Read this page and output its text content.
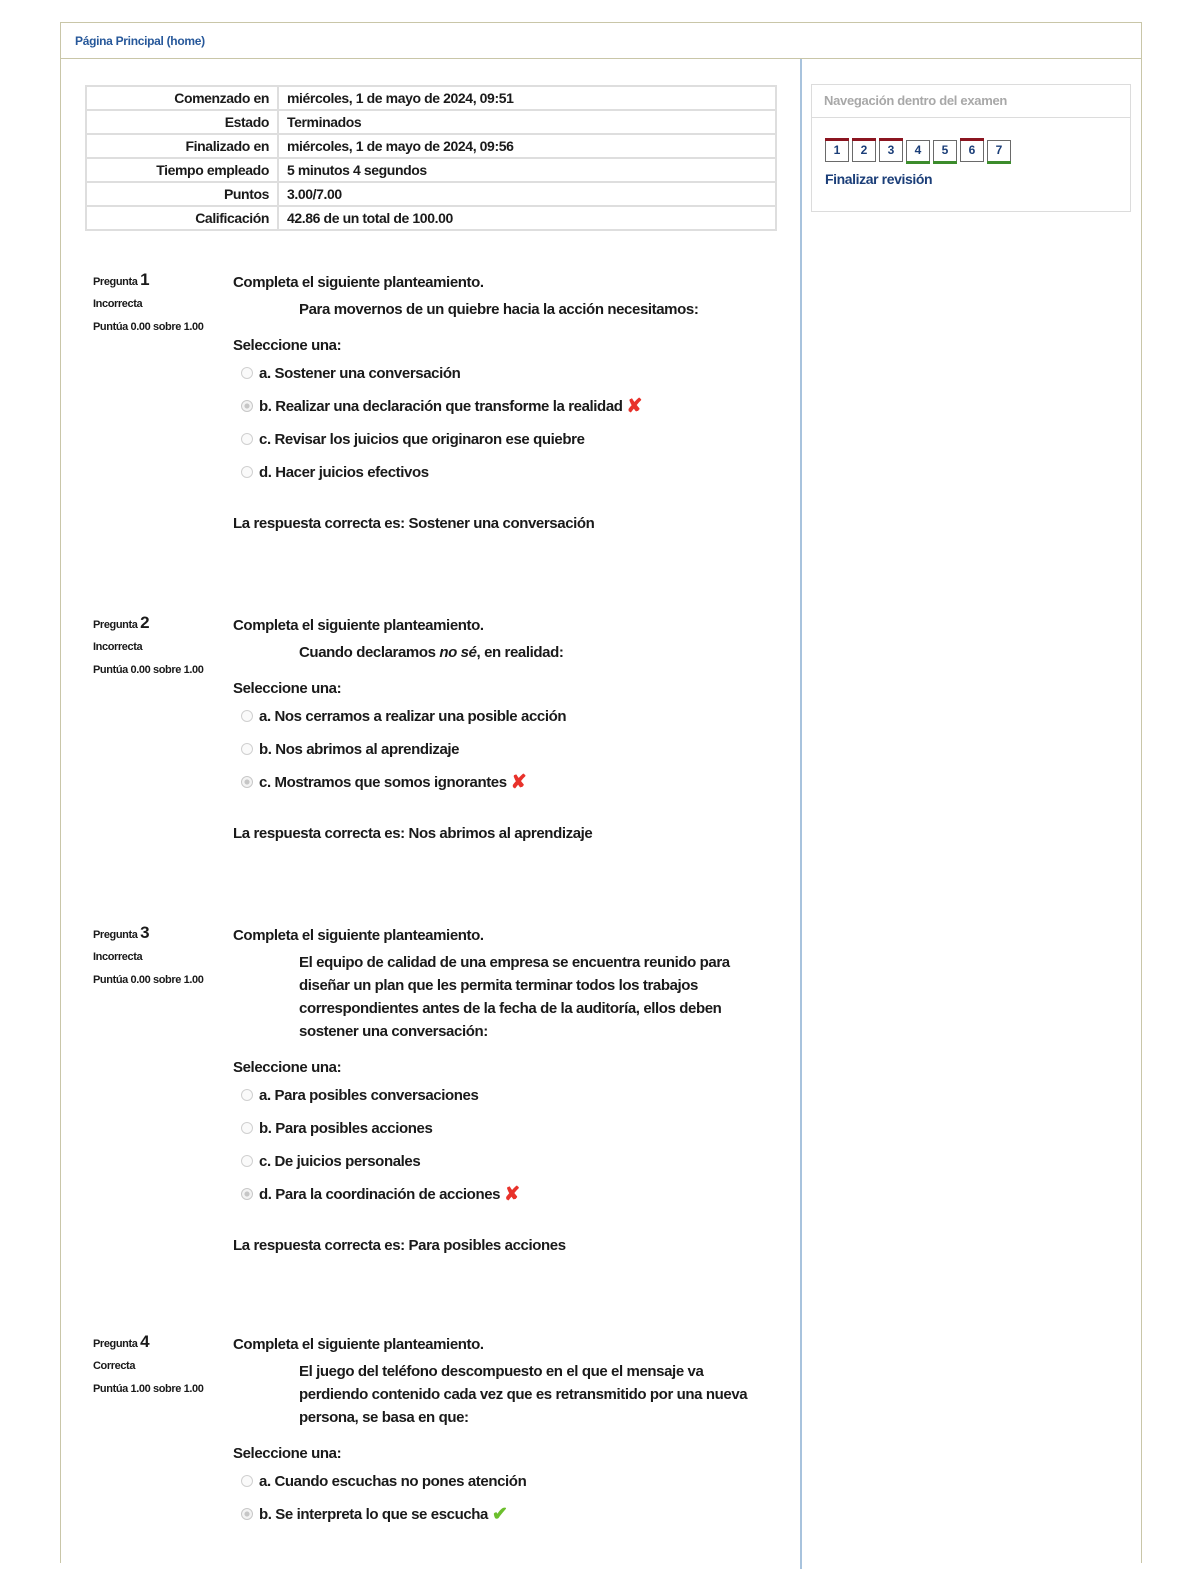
Página Principal (home)
Comenzado en	miércoles, 1 de mayo de 2024, 09:51
Estado	Terminados
Finalizado en	miércoles, 1 de mayo de 2024, 09:56
Tiempo empleado	5 minutos 4 segundos
Puntos	3.00/7.00
Calificación	42.86 de un total de 100.00
Pregunta 1
Incorrecta
Puntúa 0.00 sobre 1.00
Completa el siguiente planteamiento.
Para movernos de un quiebre hacia la acción necesitamos:
Seleccione una:
a. Sostener una conversación
b. Realizar una declaración que transforme la realidad ✘
c. Revisar los juicios que originaron ese quiebre
d. Hacer juicios efectivos
La respuesta correcta es: Sostener una conversación
Pregunta 2
Incorrecta
Puntúa 0.00 sobre 1.00
Completa el siguiente planteamiento.
Cuando declaramos no sé, en realidad:
Seleccione una:
a. Nos cerramos a realizar una posible acción
b. Nos abrimos al aprendizaje
c. Mostramos que somos ignorantes ✘
La respuesta correcta es: Nos abrimos al aprendizaje
Pregunta 3
Incorrecta
Puntúa 0.00 sobre 1.00
Completa el siguiente planteamiento.
El equipo de calidad de una empresa se encuentra reunido para diseñar un plan que les permita terminar todos los trabajos correspondientes antes de la fecha de la auditoría, ellos deben sostener una conversación:
Seleccione una:
a. Para posibles conversaciones
b. Para posibles acciones
c. De juicios personales
d. Para la coordinación de acciones ✘
La respuesta correcta es: Para posibles acciones
Pregunta 4
Correcta
Puntúa 1.00 sobre 1.00
Completa el siguiente planteamiento.
El juego del teléfono descompuesto en el que el mensaje va perdiendo contenido cada vez que es retransmitido por una nueva persona, se basa en que:
Seleccione una:
a. Cuando escuchas no pones atención
b. Se interpreta lo que se escucha ✔
Navegación dentro del examen
1 2 3 4 5 6 7
Finalizar revisión
